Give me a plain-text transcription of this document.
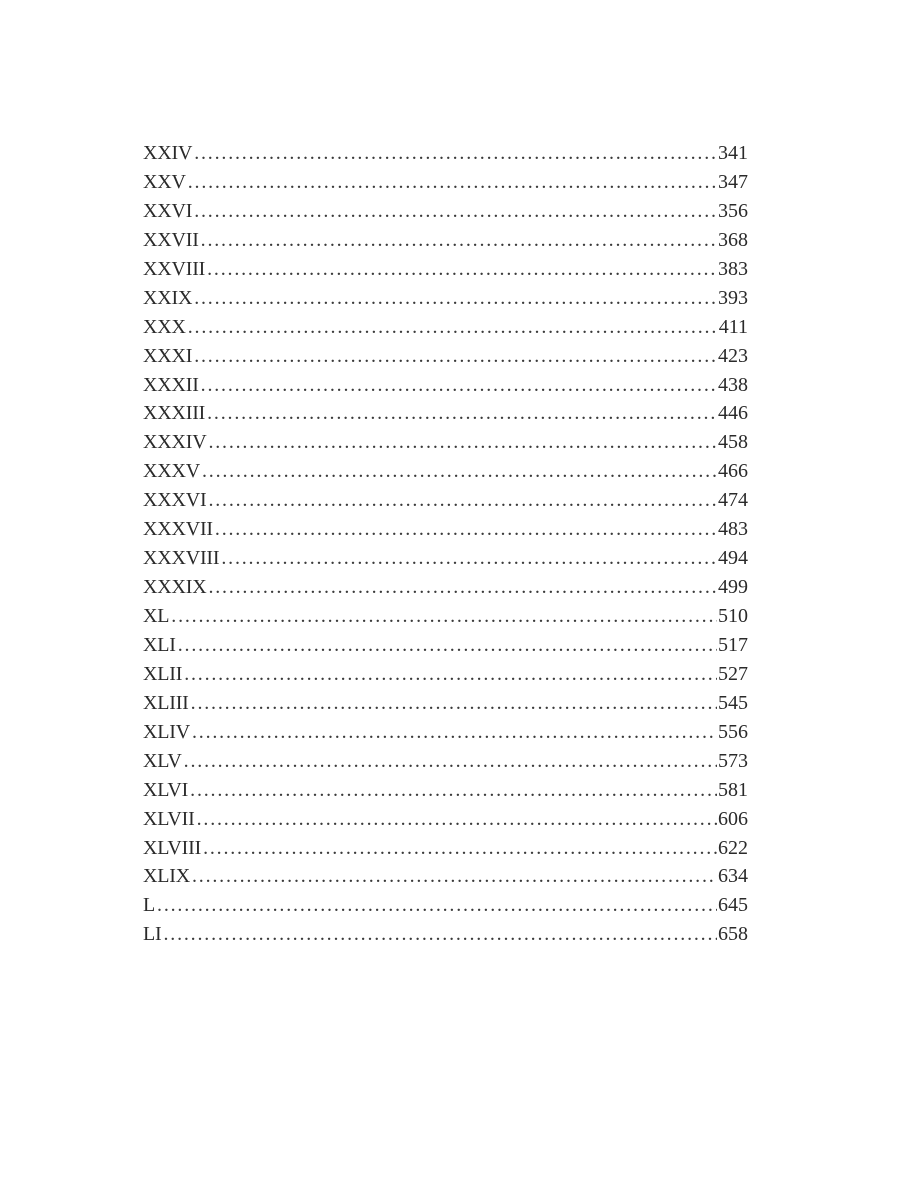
XXIV .....	341
XXV .....	347
XXVI .....	356
XXVII .....	368
XXVIII .....	383
XXIX .....	393
XXX .....	411
XXXI .....	423
XXXII .....	438
XXXIII .....	446
XXXIV .....	458
XXXV .....	466
XXXVI .....	474
XXXVII .....	483
XXXVIII .....	494
XXXIX .....	499
XL .....	510
XLI .....	517
XLII .....	527
XLIII .....	545
XLIV .....	556
XLV .....	573
XLVI .....	581
XLVII .....	606
XLVIII .....	622
XLIX .....	634
L .....	645
LI .....	658
